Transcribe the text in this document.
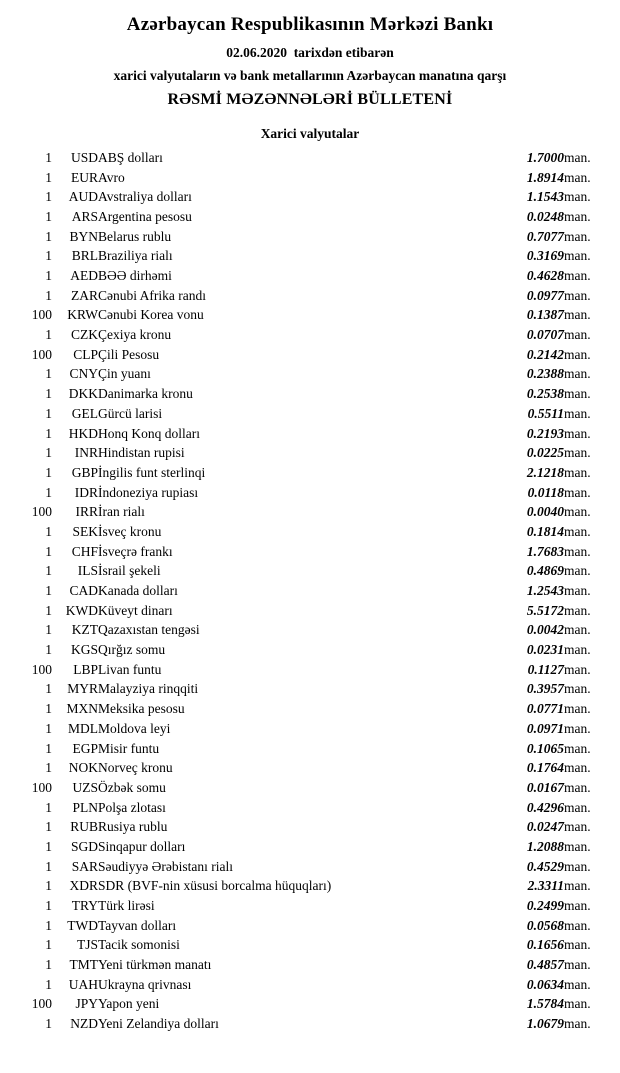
Azərbaycan Respublikasının Mərkəzi Bankı
02.06.2020 tarixdən etibarən
xarici valyutaların və bank metallarının Azərbaycan manatına qarşı
RƏSMİ MƏZƏNNƏLƏRİ BÜLLETENİ
Xarici valyutalar
1	USD	ABŞ dolları	1.7000	man.
1	EUR	Avro	1.8914	man.
1	AUD	Avstraliya dolları	1.1543	man.
1	ARS	Argentina pesosu	0.0248	man.
1	BYN	Belarus rublu	0.7077	man.
1	BRL	Braziliya rialı	0.3169	man.
1	AED	BƏƏ dirhəmi	0.4628	man.
1	ZAR	Cənubi Afrika randı	0.0977	man.
100	KRW	Cənubi Korea vonu	0.1387	man.
1	CZK	Çexiya kronu	0.0707	man.
100	CLP	Çili Pesosu	0.2142	man.
1	CNY	Çin yuanı	0.2388	man.
1	DKK	Danimarka kronu	0.2538	man.
1	GEL	Gürcü larisi	0.5511	man.
1	HKD	Honq Konq dolları	0.2193	man.
1	INR	Hindistan rupisi	0.0225	man.
1	GBP	İngilis funt sterlinqi	2.1218	man.
1	IDR	İndoneziya rupiası	0.0118	man.
100	IRR	İran rialı	0.0040	man.
1	SEK	İsveç kronu	0.1814	man.
1	CHF	İsveçrə frankı	1.7683	man.
1	ILS	İsrail şekeli	0.4869	man.
1	CAD	Kanada dolları	1.2543	man.
1	KWD	Küveyt dinarı	5.5172	man.
1	KZT	Qazaxıstan tengəsi	0.0042	man.
1	KGS	Qırğız somu	0.0231	man.
100	LBP	Livan funtu	0.1127	man.
1	MYR	Malayziya rinqqiti	0.3957	man.
1	MXN	Meksika pesosu	0.0771	man.
1	MDL	Moldova leyi	0.0971	man.
1	EGP	Misir funtu	0.1065	man.
1	NOK	Norveç kronu	0.1764	man.
100	UZS	Özbək somu	0.0167	man.
1	PLN	Polşa zlotası	0.4296	man.
1	RUB	Rusiya rublu	0.0247	man.
1	SGD	Sinqapur dolları	1.2088	man.
1	SAR	Səudiyyə Ərəbistanı rialı	0.4529	man.
1	XDR	SDR (BVF-nin xüsusi borcalma hüquqları)	2.3311	man.
1	TRY	Türk lirəsi	0.2499	man.
1	TWD	Tayvan dolları	0.0568	man.
1	TJS	Tacik somonisi	0.1656	man.
1	TMT	Yeni türkmən manatı	0.4857	man.
1	UAH	Ukrayna qrivnası	0.0634	man.
100	JPY	Yapon yeni	1.5784	man.
1	NZD	Yeni Zelandiya dolları	1.0679	man.
